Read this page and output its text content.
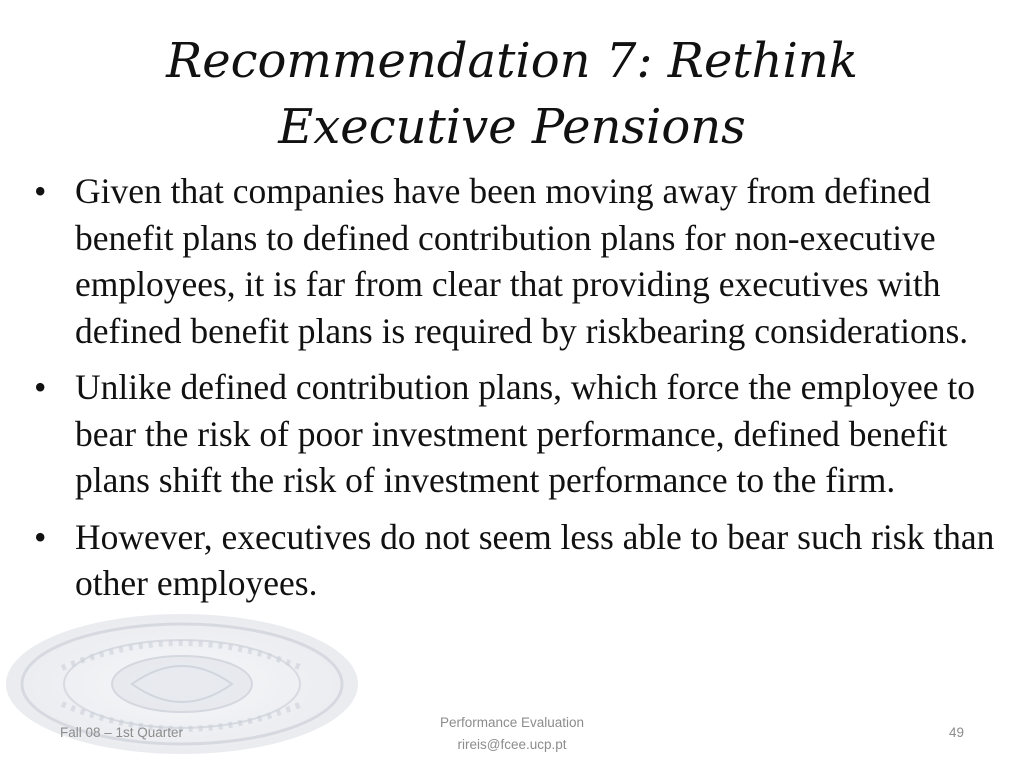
Recommendation 7: Rethink Executive Pensions
• Given that companies have been moving away from defined benefit plans to defined contribution plans for non-executive employees, it is far from clear that providing executives with defined benefit plans is required by riskbearing considerations.
• Unlike defined contribution plans, which force the employee to bear the risk of poor investment performance, defined benefit plans shift the risk of investment performance to the firm.
• However, executives do not seem less able to bear such risk than other employees.
Fall 08 – 1st Quarter
Performance Evaluation
rireis@fcee.ucp.pt
49
